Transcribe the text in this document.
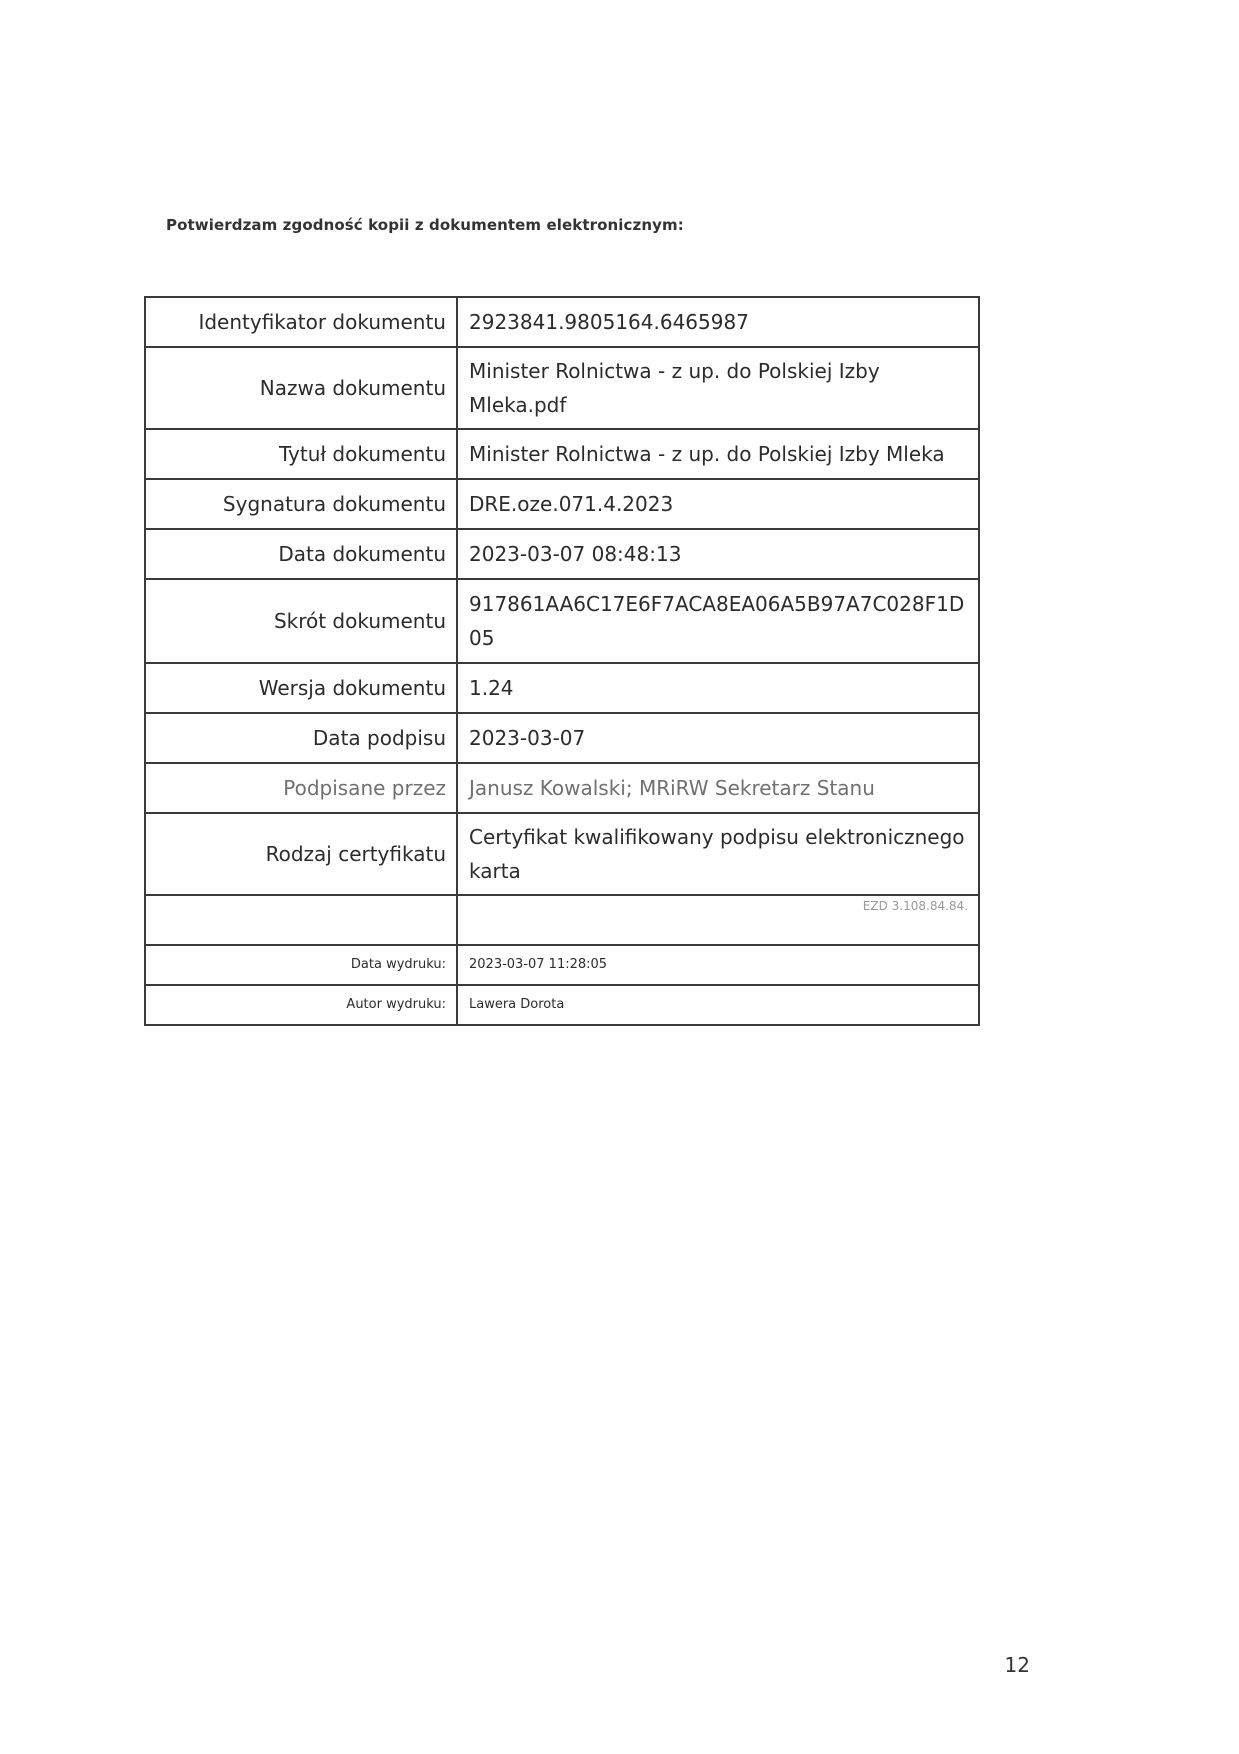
Potwierdzam zgodność kopii z dokumentem elektronicznym:
Identyfikator dokumentu	2923841.9805164.6465987
Nazwa dokumentu	Minister Rolnictwa - z up. do Polskiej Izby Mleka.pdf
Tytuł dokumentu	Minister Rolnictwa - z up. do Polskiej Izby Mleka
Sygnatura dokumentu	DRE.oze.071.4.2023
Data dokumentu	2023-03-07 08:48:13
Skrót dokumentu	917861AA6C17E6F7ACA8EA06A5B97A7C028F1D05
Wersja dokumentu	1.24
Data podpisu	2023-03-07
Podpisane przez	Janusz Kowalski; MRiRW Sekretarz Stanu
Rodzaj certyfikatu	Certyfikat kwalifikowany podpisu elektronicznego karta
	EZD 3.108.84.84.
Data wydruku:	2023-03-07 11:28:05
Autor wydruku:	Lawera Dorota
12
